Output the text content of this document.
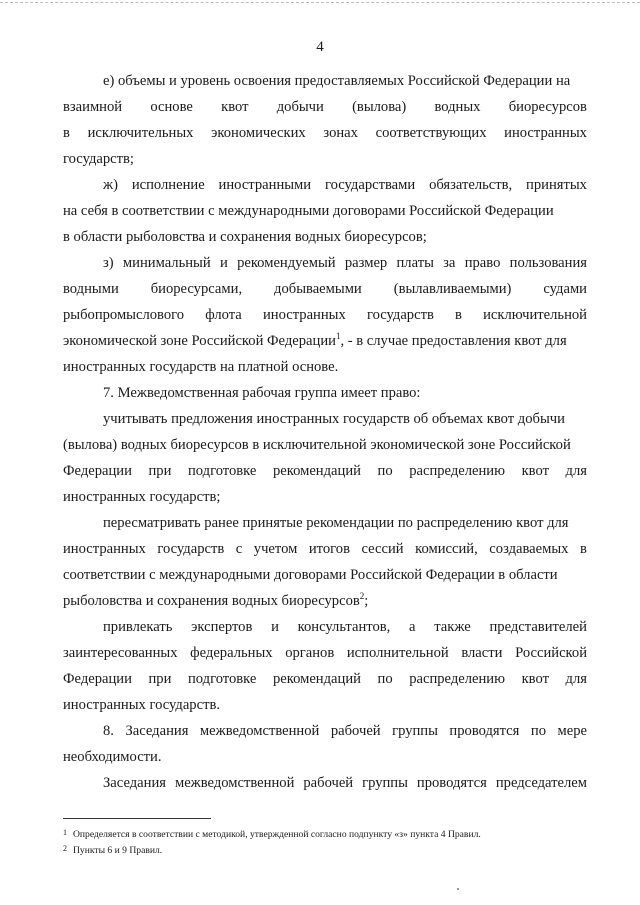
4
е) объемы и уровень освоения предоставляемых Российской Федерации на
взаимной основе квот добычи (вылова) водных биоресурсов
в исключительных экономических зонах соответствующих иностранных
государств;
ж) исполнение иностранными государствами обязательств, принятых
на себя в соответствии с международными договорами Российской Федерации
в области рыболовства и сохранения водных биоресурсов;
з) минимальный и рекомендуемый размер платы за право пользования
водными биоресурсами, добываемыми (вылавливаемыми) судами
рыбопромыслового флота иностранных государств в исключительной
экономической зоне Российской Федерации$^1$, - в случае предоставления квот для
иностранных государств на платной основе.
7. Межведомственная рабочая группа имеет право:
учитывать предложения иностранных государств об объемах квот добычи
(вылова) водных биоресурсов в исключительной экономической зоне Российской
Федерации при подготовке рекомендаций по распределению квот для
иностранных государств;
пересматривать ранее принятые рекомендации по распределению квот для
иностранных государств с учетом итогов сессий комиссий, создаваемых в
соответствии с международными договорами Российской Федерации в области
рыболовства и сохранения водных биоресурсов$^2$;
привлекать экспертов и консультантов, а также представителей
заинтересованных федеральных органов исполнительной власти Российской
Федерации при подготовке рекомендаций по распределению квот для
иностранных государств.
8. Заседания межведомственной рабочей группы проводятся по мере
необходимости.
Заседания межведомственной рабочей группы проводятся председателем
1 Определяется в соответствии с методикой, утвержденной согласно подпункту «з» пункта 4 Правил.
2 Пункты 6 и 9 Правил.
